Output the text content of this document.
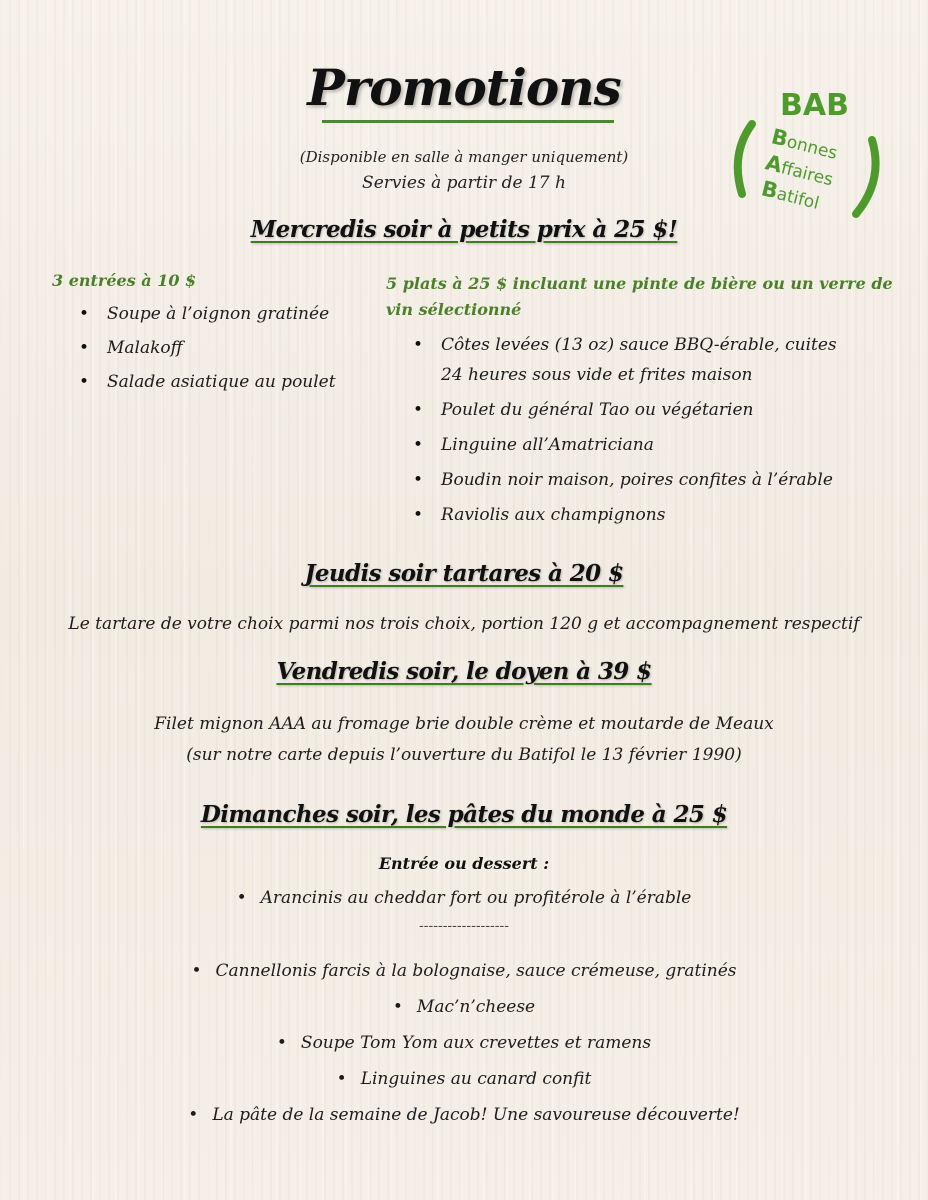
Promotions
(Disponible en salle à manger uniquement)
Servies à partir de 17 h
BAB
Bonnes
Affaires
Batifol
Mercredis soir à petits prix à 25 $!
3 entrées à 10 $
• Soupe à l’oignon gratinée
• Malakoff
• Salade asiatique au poulet
5 plats à 25 $ incluant une pinte de bière ou un verre de
vin sélectionné
• Côtes levées (13 oz) sauce BBQ-érable, cuites
24 heures sous vide et frites maison
• Poulet du général Tao ou végétarien
• Linguine all’Amatriciana
• Boudin noir maison, poires confites à l’érable
• Raviolis aux champignons
Jeudis soir tartares à 20 $
Le tartare de votre choix parmi nos trois choix, portion 120 g et accompagnement respectif
Vendredis soir, le doyen à 39 $
Filet mignon AAA au fromage brie double crème et moutarde de Meaux
(sur notre carte depuis l’ouverture du Batifol le 13 février 1990)
Dimanches soir, les pâtes du monde à 25 $
Entrée ou dessert :
• Arancinis au cheddar fort ou profitérole à l’érable
-------------------
• Cannellonis farcis à la bolognaise, sauce crémeuse, gratinés
• Mac’n’cheese
• Soupe Tom Yom aux crevettes et ramens
• Linguines au canard confit
• La pâte de la semaine de Jacob! Une savoureuse découverte!
